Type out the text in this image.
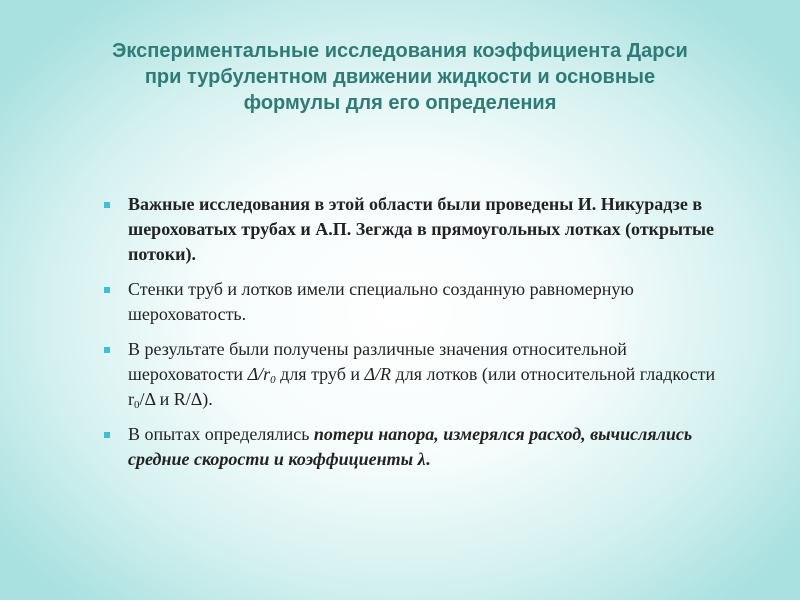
Экспериментальные исследования коэффициента Дарси
при турбулентном движении жидкости и основные
формулы для его определения
Важные исследования в этой области были проведены И. Никурадзе в шероховатых трубах и А.П. Зегжда в прямоугольных лотках (открытые потоки).
Стенки труб и лотков имели специально созданную равномерную шероховатость.
В результате были получены различные значения относительной шероховатости $\Delta/r_0$ для труб и Δ/R для лотков (или относительной гладкости $r_0/\Delta$ и R/Δ).
В опытах определялись потери напора, измерялся расход, вычислялись средние скорости и коэффициенты λ.
